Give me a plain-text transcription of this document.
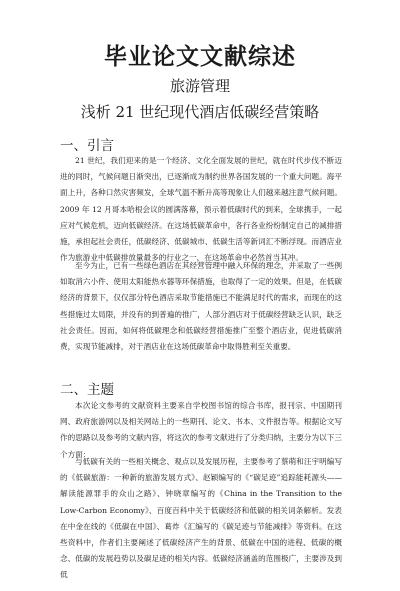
毕业论文文献综述
旅游管理
浅析 21 世纪现代酒店低碳经营策略
一、引言

21 世纪，我们迎来的是一个经济、文化全面发展的世纪，就在时代步伐不断迈进的同时，气候问题日渐突出，已逐渐成为制约世界各国发展的一个重大问题。海平面上升，各种口然灾害频发，全球气温不断升高等现象让人们越来越注意气候问题。2009 年 12 月哥本哈根会议的圆满落幕，预示着低碳时代的到来，全球携手，一起应对气候危机，迈向低碳经济。在这场低碳革命中，各行各业纷纷制定自己的减排措施，承担起社会责任，低碳经济、低碳城市、低碳生活等新词汇不断浮现。而酒店业作为旅游业中低碳排放量最多的行业之一，在这场革命中必然首当其冲。

至今为止，已有一些绿色酒店在其经营管理中融入环保的理念，并采取了一些例如取消六小件、使用太阳能热水器等环保措施，也取得了一定的效果。但是，在低碳经济的背景下，仅仅部分特色酒店采取节能措施已不能满足时代的需求，而现在的这些措施过太局限，并没有的到普遍的推广，人部分酒店对于低碳经营缺乏认识，缺乏社会责任。因而，如何将低碳理念和低碳经营措施推广至整个酒店业，促进低碳消费，实现节能减排，对于酒店业在这场低碳革命中取得胜利至关重要。

二、主题

本次论文参考的文献资料主要来自学校图书馆的综合书库，报刊宗、中国期刊网、政府旅游网以及相关网站上的一些期刊、论文、书本、文件报告等。根据论文写作的思路以及参考的文献内容，将这次的参考文献进行了分类归纳，主要分为以下三个方面：

与低碳有关的一些相关概念、观点以及发展历程，主要参考了蔡萌和汪宇明编写的《低碳旅游：一种新的旅游发展方式》、赵颖编写的《“碳足迹”追踪能耗源头——解读能源罪手的众山之路》、钟晓章编写的《China in the Transition to the Low-Carbon Economy》、百度百科中关于低碳经济和低碳的相关词条解析。发表在中金在线的《低碳在中国》、葛炸《汇编写的《碳足迹与节能减排》等资料。在这些资料中，作者们主要阐述了低碳经济产生的背景、低碳在中国的进程、低碳的概念、低碳的发展趋势以及碳足迹的相关内容。低碳经济涵盖的范围极广，主要涉及到低
